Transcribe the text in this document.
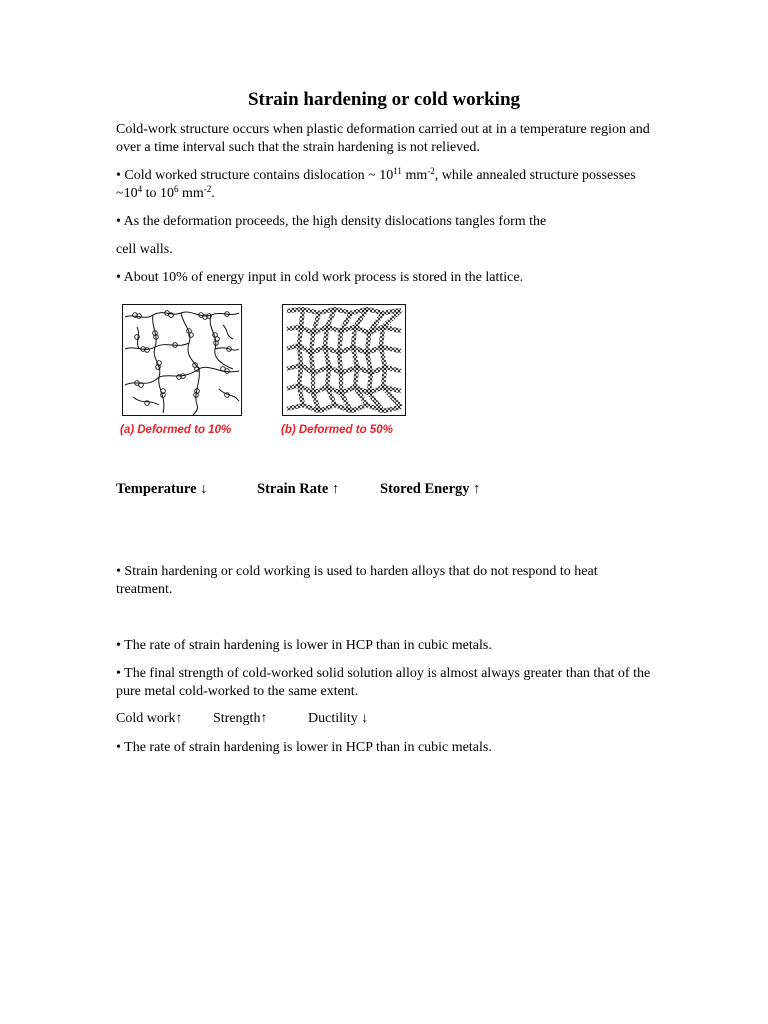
Strain hardening or cold working

Cold-work structure occurs when plastic deformation carried out at in a temperature region and over a time interval such that the strain hardening is not relieved.

• Cold worked structure contains dislocation ~ $10^{11}$ $mm^{-2}$, while annealed structure possesses $\sim 10^4$ to $10^6$ $mm^{-2}$.

• As the deformation proceeds, the high density dislocations tangles form the

cell walls.

• About 10% of energy input in cold work process is stored in the lattice.

(a) Deformed to 10%	(b) Deformed to 50%
Temperature ↓	Strain Rate ↑	Stored Energy ↑

• Strain hardening or cold working is used to harden alloys that do not respond to heat treatment.

• The rate of strain hardening is lower in HCP than in cubic metals.

• The final strength of cold-worked solid solution alloy is almost always greater than that of the pure metal cold-worked to the same extent.

Cold work↑ Strength↑	Ductility ↓

• The rate of strain hardening is lower in HCP than in cubic metals.
